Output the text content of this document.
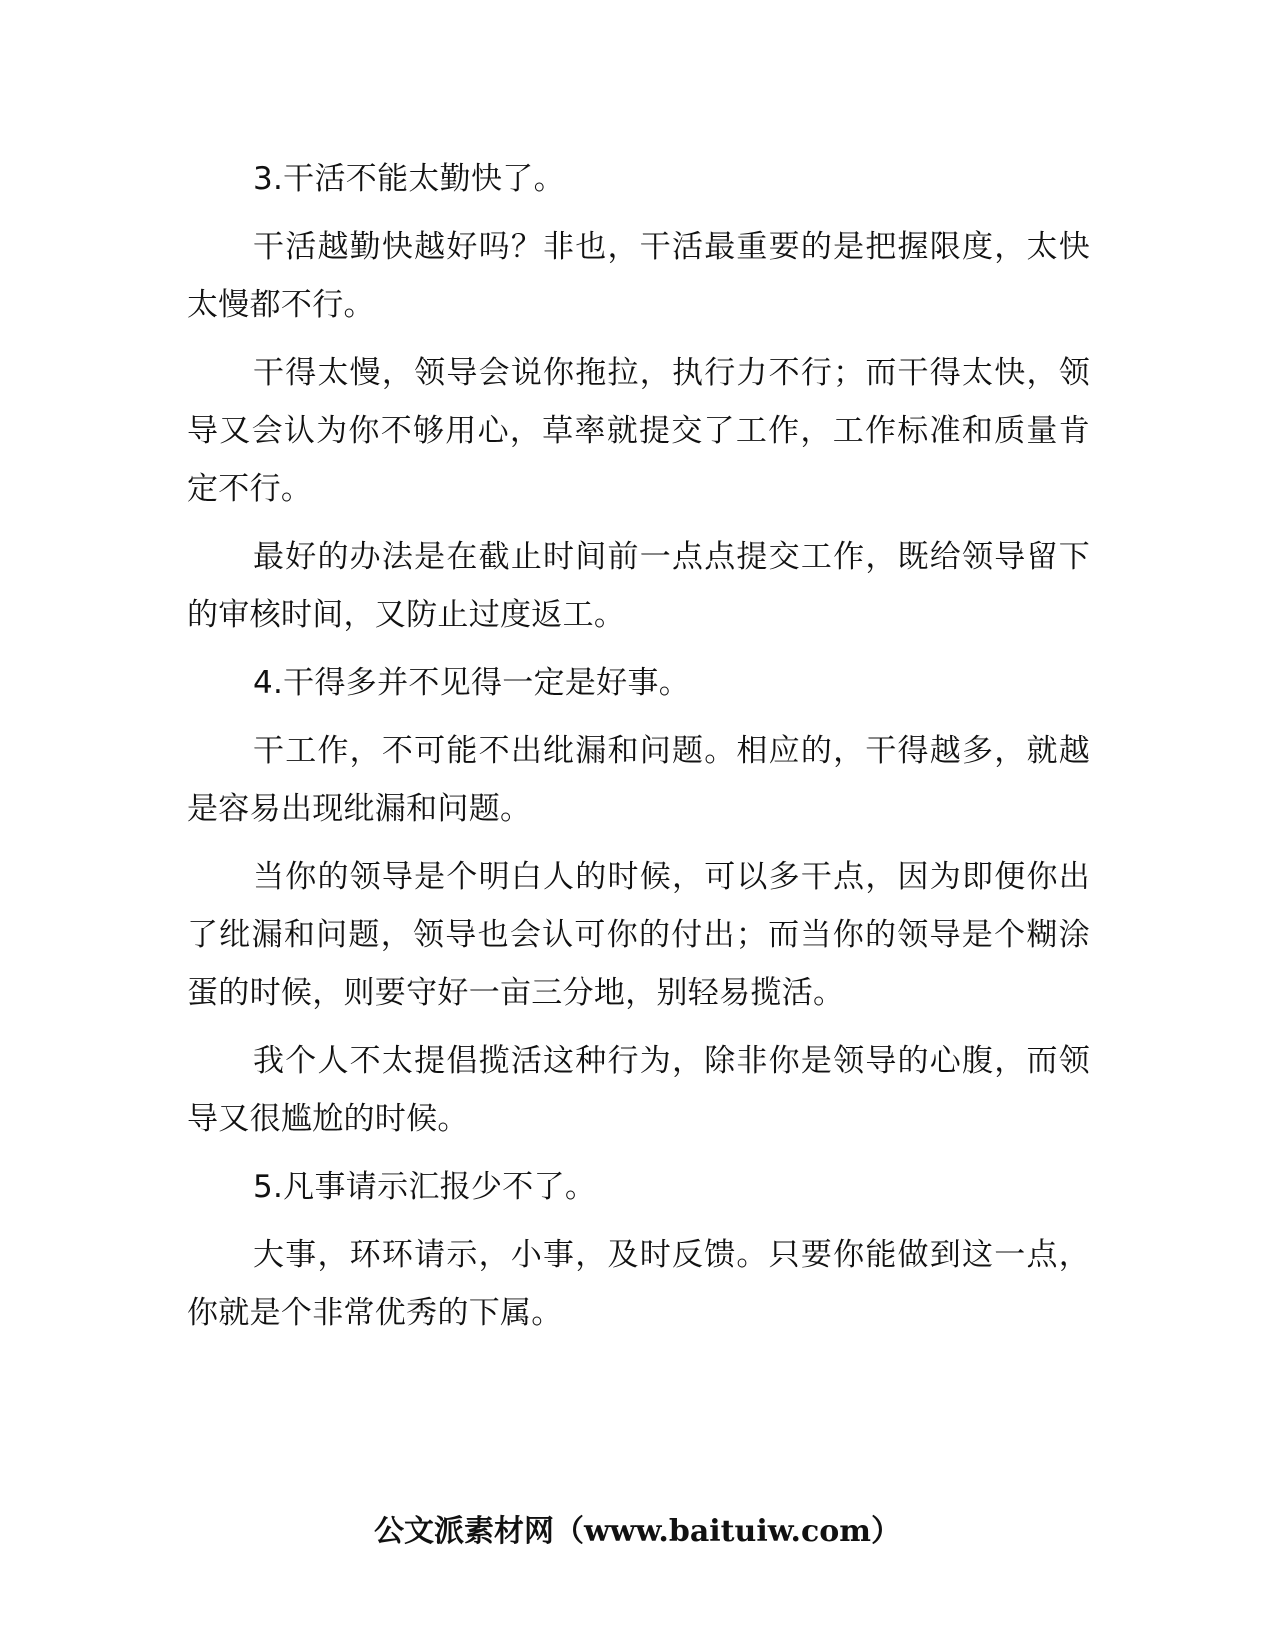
3.干活不能太勤快了。

干活越勤快越好吗？非也，干活最重要的是把握限度，太快太慢都不行。

干得太慢，领导会说你拖拉，执行力不行；而干得太快，领导又会认为你不够用心，草率就提交了工作，工作标准和质量肯定不行。

最好的办法是在截止时间前一点点提交工作，既给领导留下的审核时间，又防止过度返工。

4.干得多并不见得一定是好事。

干工作，不可能不出纰漏和问题。相应的，干得越多，就越是容易出现纰漏和问题。

当你的领导是个明白人的时候，可以多干点，因为即便你出了纰漏和问题，领导也会认可你的付出；而当你的领导是个糊涂蛋的时候，则要守好一亩三分地，别轻易揽活。

我个人不太提倡揽活这种行为，除非你是领导的心腹，而领导又很尴尬的时候。

5.凡事请示汇报少不了。

大事，环环请示，小事，及时反馈。只要你能做到这一点，你就是个非常优秀的下属。

公文派素材网（www.baituiw.com）
